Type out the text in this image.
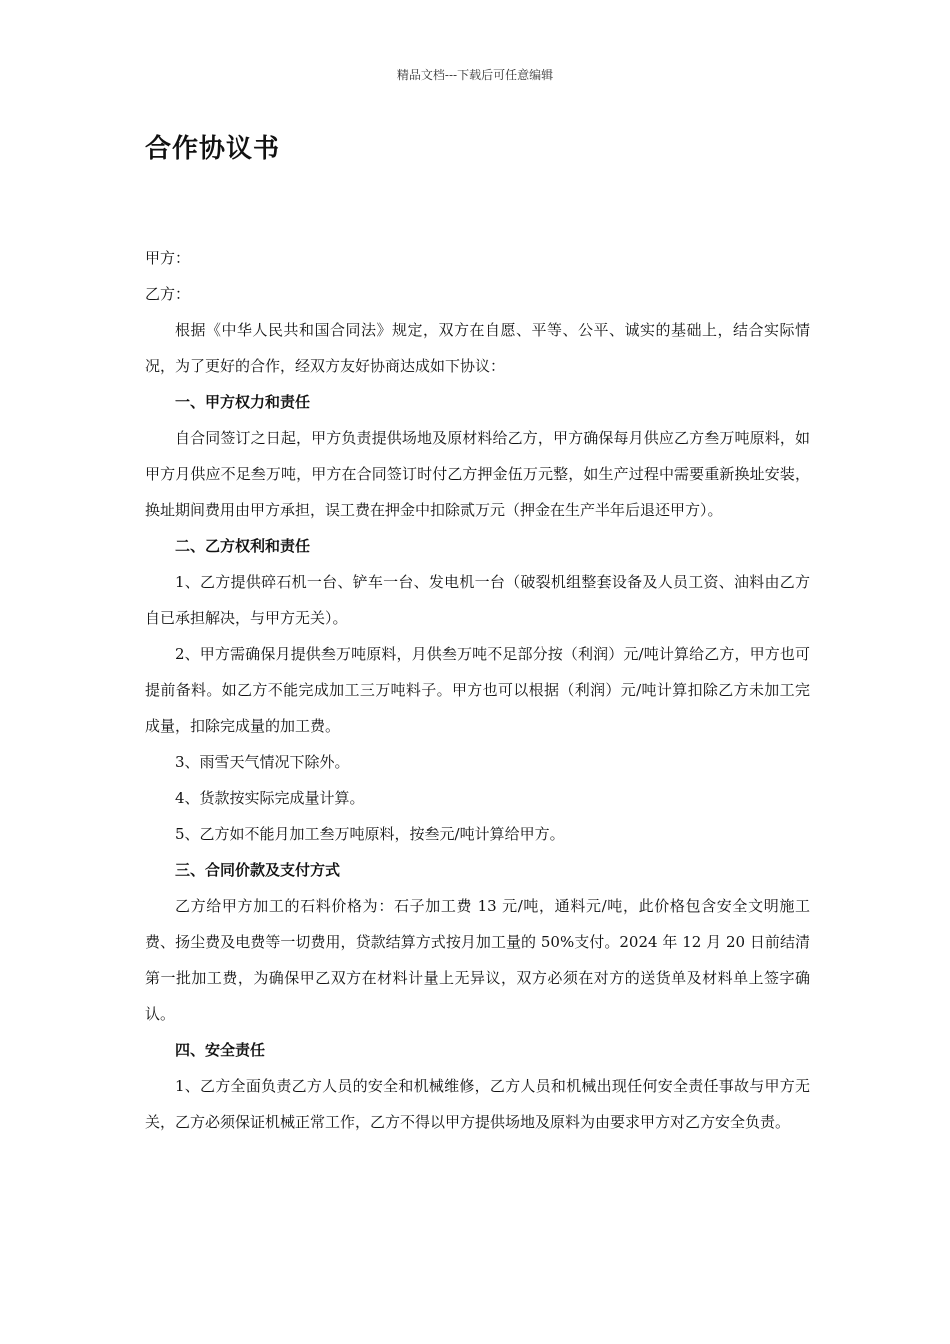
精品文档---下载后可任意编辑
合作协议书

甲方：

乙方：

根据《中华人民共和国合同法》规定，双方在自愿、平等、公平、诚实的基础上，结合实际情况，为了更好的合作，经双方友好协商达成如下协议：

一、甲方权力和责任

自合同签订之日起，甲方负责提供场地及原材料给乙方，甲方确保每月供应乙方叁万吨原料，如甲方月供应不足叁万吨，甲方在合同签订时付乙方押金伍万元整，如生产过程中需要重新换址安装，换址期间费用由甲方承担，误工费在押金中扣除贰万元（押金在生产半年后退还甲方）。

二、乙方权利和责任

1、乙方提供碎石机一台、铲车一台、发电机一台（破裂机组整套设备及人员工资、油料由乙方自已承担解决，与甲方无关）。

2、甲方需确保月提供叁万吨原料，月供叁万吨不足部分按（利润）元/吨计算给乙方，甲方也可提前备料。如乙方不能完成加工三万吨料子。甲方也可以根据（利润）元/吨计算扣除乙方未加工完成量，扣除完成量的加工费。

3、雨雪天气情况下除外。

4、货款按实际完成量计算。

5、乙方如不能月加工叁万吨原料，按叁元/吨计算给甲方。

三、合同价款及支付方式

乙方给甲方加工的石料价格为：石子加工费 13 元/吨，通料元/吨，此价格包含安全文明施工费、扬尘费及电费等一切费用，贷款结算方式按月加工量的 50%支付。2024 年 12 月 20 日前结清第一批加工费，为确保甲乙双方在材料计量上无异议，双方必须在对方的送货单及材料单上签字确认。

四、安全责任

1、乙方全面负责乙方人员的安全和机械维修，乙方人员和机械出现任何安全责任事故与甲方无关，乙方必须保证机械正常工作，乙方不得以甲方提供场地及原料为由要求甲方对乙方安全负责。
